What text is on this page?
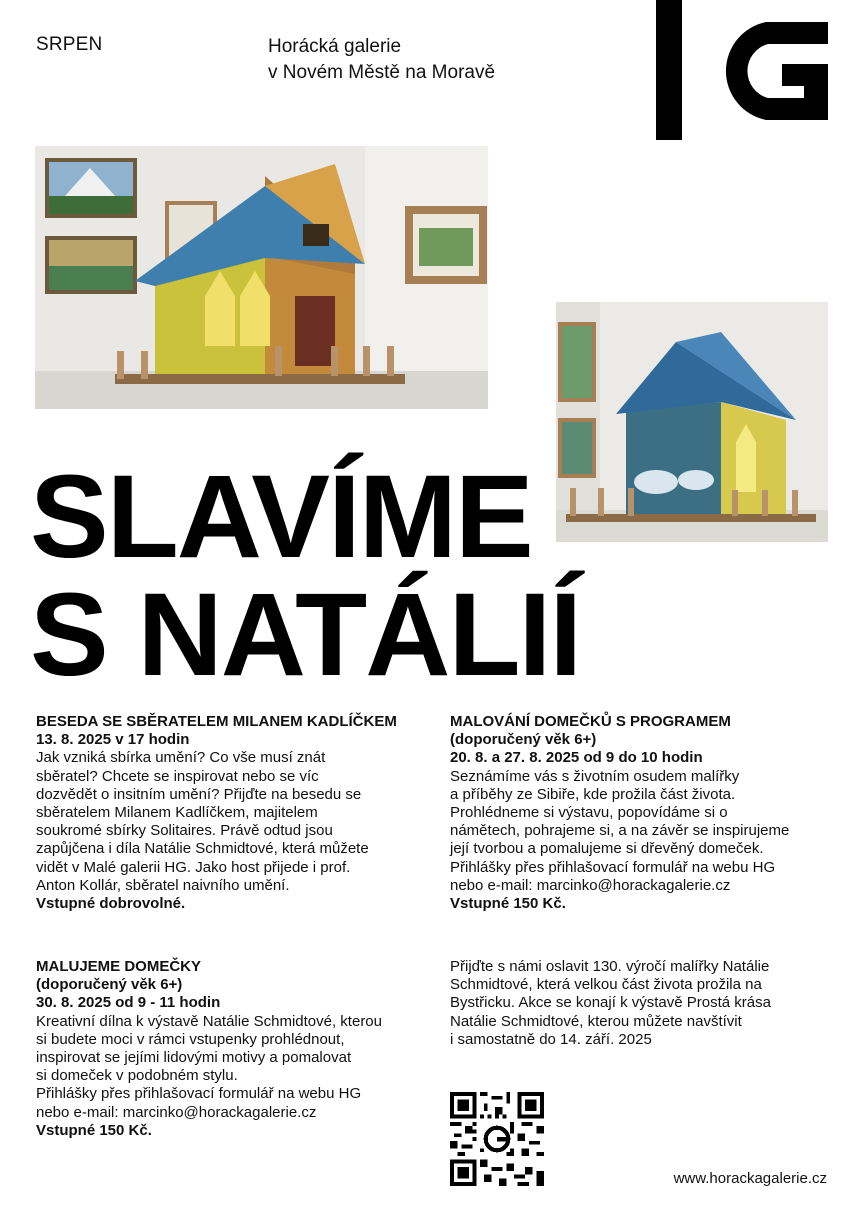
SRPEN	Horácká galerie
v Novém Městě na Moravě
SLAVÍME
S NATÁLIÍ
BESEDA SE SBĚRATELEM MILANEM KADLÍČKEM
13. 8. 2025 v 17 hodin
Jak vzniká sbírka umění? Co vše musí znát
sběratel? Chcete se inspirovat nebo se víc
dozvědět o insitním umění? Přijďte na besedu se
sběratelem Milanem Kadlíčkem, majitelem
soukromé sbírky Solitaires. Právě odtud jsou
zapůjčena i díla Natálie Schmidtové, která můžete
vidět v Malé galerii HG. Jako host přijede i prof.
Anton Kollár, sběratel naivního umění.
Vstupné dobrovolné.
MALOVÁNÍ DOMEČKŮ S PROGRAMEM
(doporučený věk 6+)
20. 8. a 27. 8. 2025 od 9 do 10 hodin
Seznámíme vás s životním osudem malířky
a příběhy ze Sibiře, kde prožila část života.
Prohlédneme si výstavu, popovídáme si o
námětech, pohrajeme si, a na závěr se inspirujeme
její tvorbou a pomalujeme si dřevěný domeček.
Přihlášky přes přihlašovací formulář na webu HG
nebo e-mail: marcinko@horackagalerie.cz
Vstupné 150 Kč.
MALUJEME DOMEČKY
(doporučený věk 6+)
30. 8. 2025 od 9 - 11 hodin
Kreativní dílna k výstavě Natálie Schmidtové, kterou
si budete moci v rámci vstupenky prohlédnout,
inspirovat se jejími lidovými motivy a pomalovat
si domeček v podobném stylu.
Přihlášky přes přihlašovací formulář na webu HG
nebo e-mail: marcinko@horackagalerie.cz
Vstupné 150 Kč.
Přijďte s námi oslavit 130. výročí malířky Natálie
Schmidtové, která velkou část života prožila na
Bystřicku. Akce se konají k výstavě Prostá krása
Natálie Schmidtové, kterou můžete navštívit
i samostatně do 14. září. 2025
www.horackagalerie.cz
